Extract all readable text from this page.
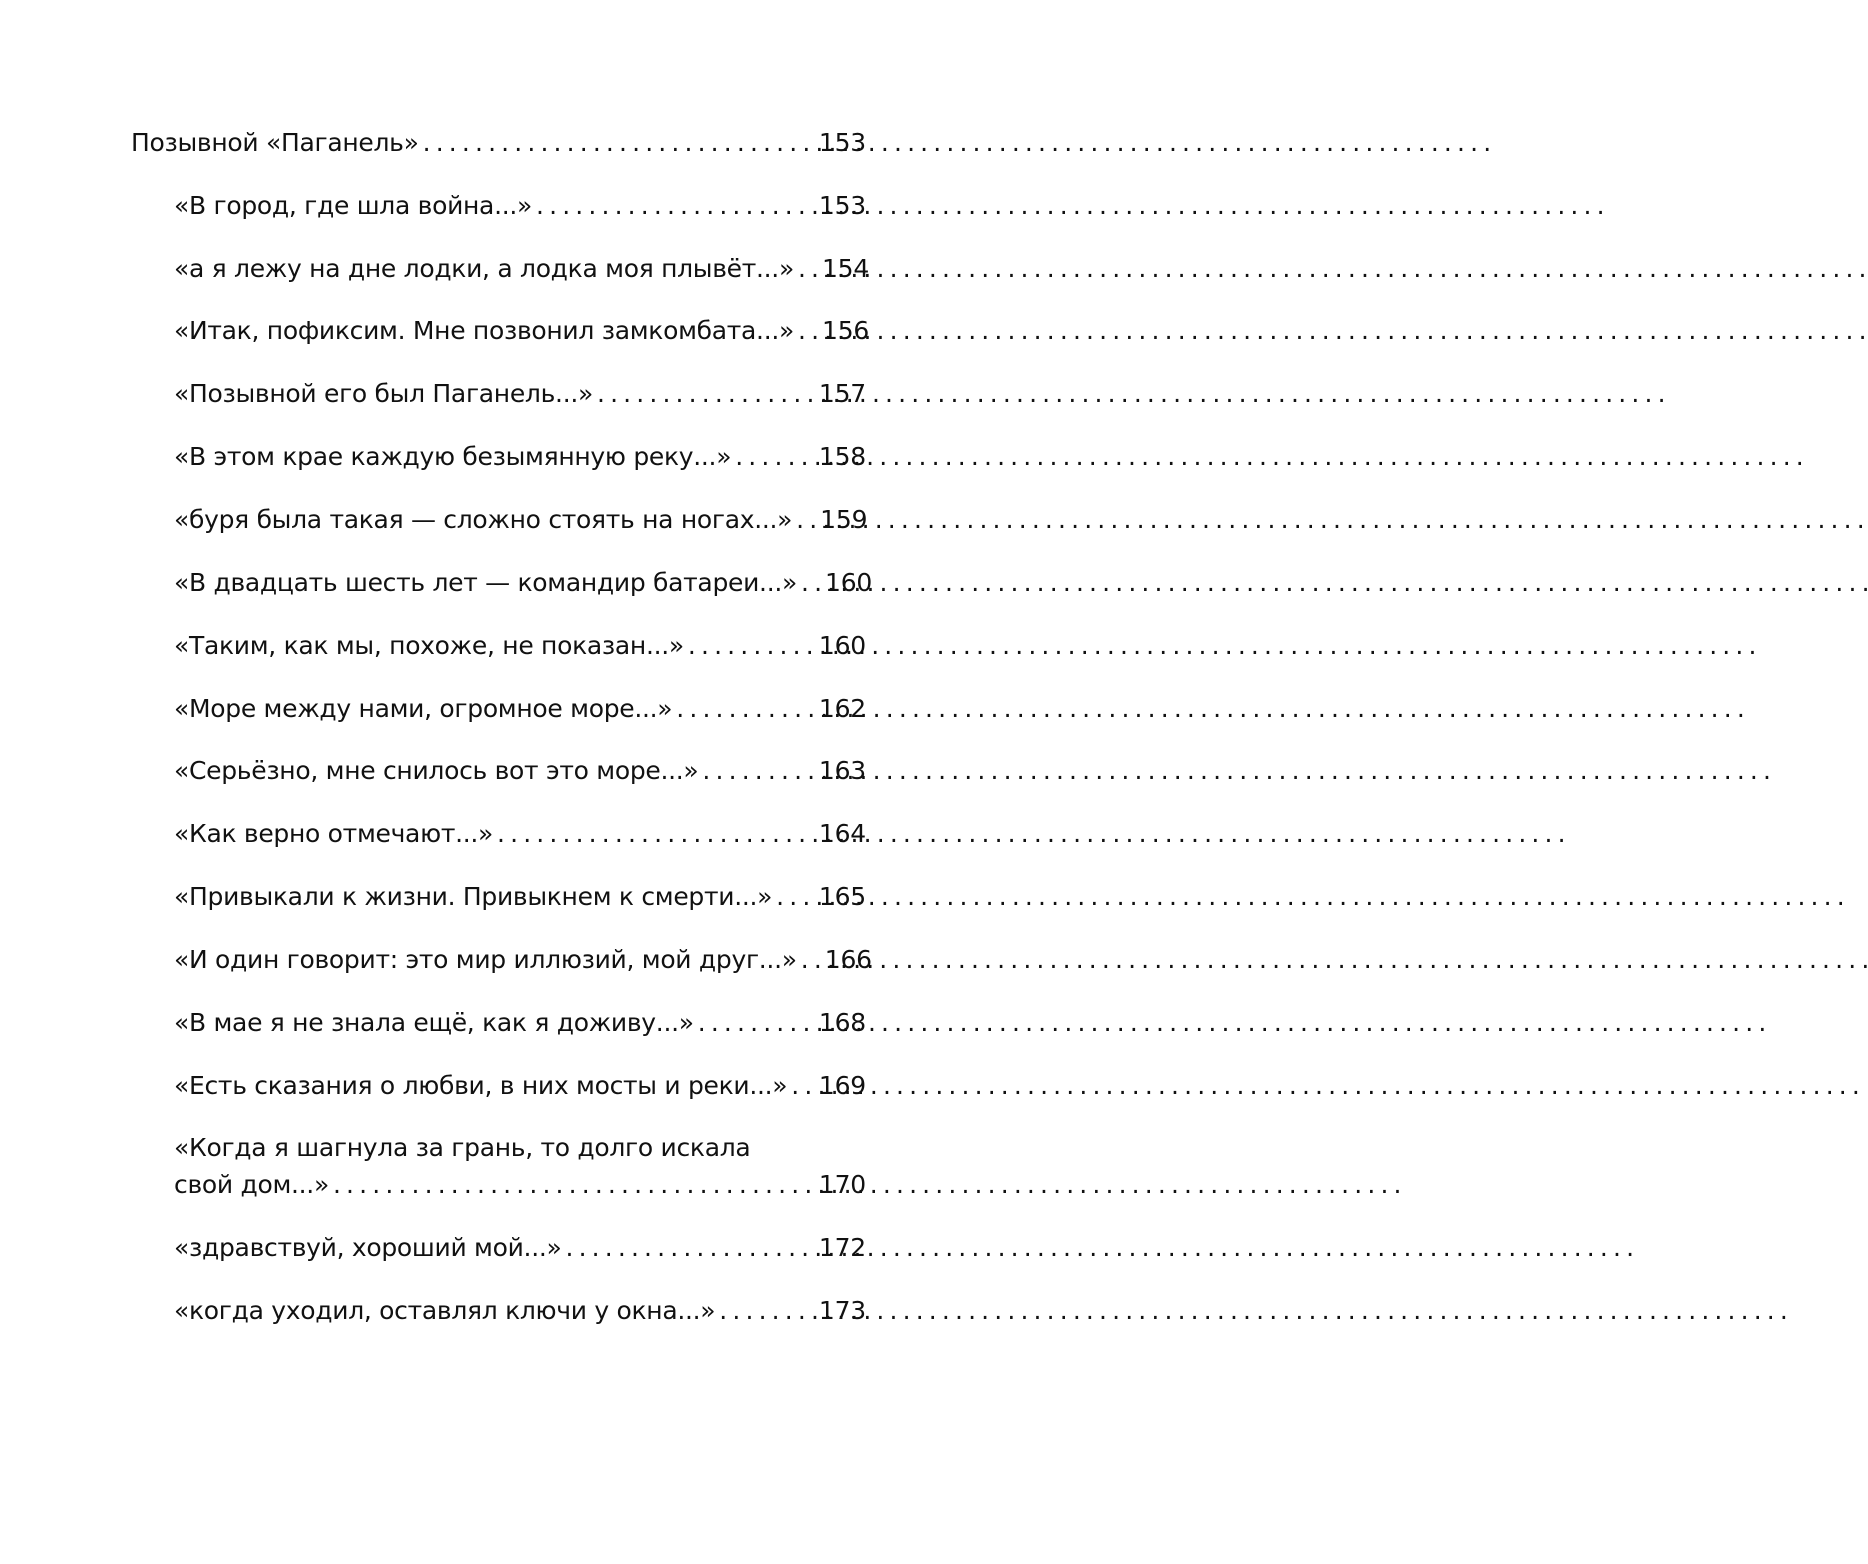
Позывной «Паганель» . . .	153
«В город, где шла война...» . . .	153
«а я лежу на дне лодки, а лодка моя плывёт...» . . . 154
«Итак, пофиксим. Мне позвонил замкомбата...» . . . 156
«Позывной его был Паганель...» . . .	157
«В этом крае каждую безымянную реку...» . . .	158
«буря была такая — сложно стоять на ногах...» . . . 159
«В двадцать шесть лет — командир батареи...» . . . 160
«Таким, как мы, похоже, не показан...» . . .	160
«Море между нами, огромное море...» . . .	162
«Серьёзно, мне снилось вот это море...» . . .	163
«Как верно отмечают...» . . .	164
«Привыкали к жизни. Привыкнем к смерти...» . . . 165
«И один говорит: это мир иллюзий, мой друг...» . . . 166
«В мае я не знала ещё, как я доживу...» . . .	168
«Есть сказания о любви, в них мосты и реки...» . . . 169
«Когда я шагнула за грань, то долго искала
свой дом...» . . .	170
«здравствуй, хороший мой...» . . .	172
«когда уходил, оставлял ключи у окна...» . . .	173
